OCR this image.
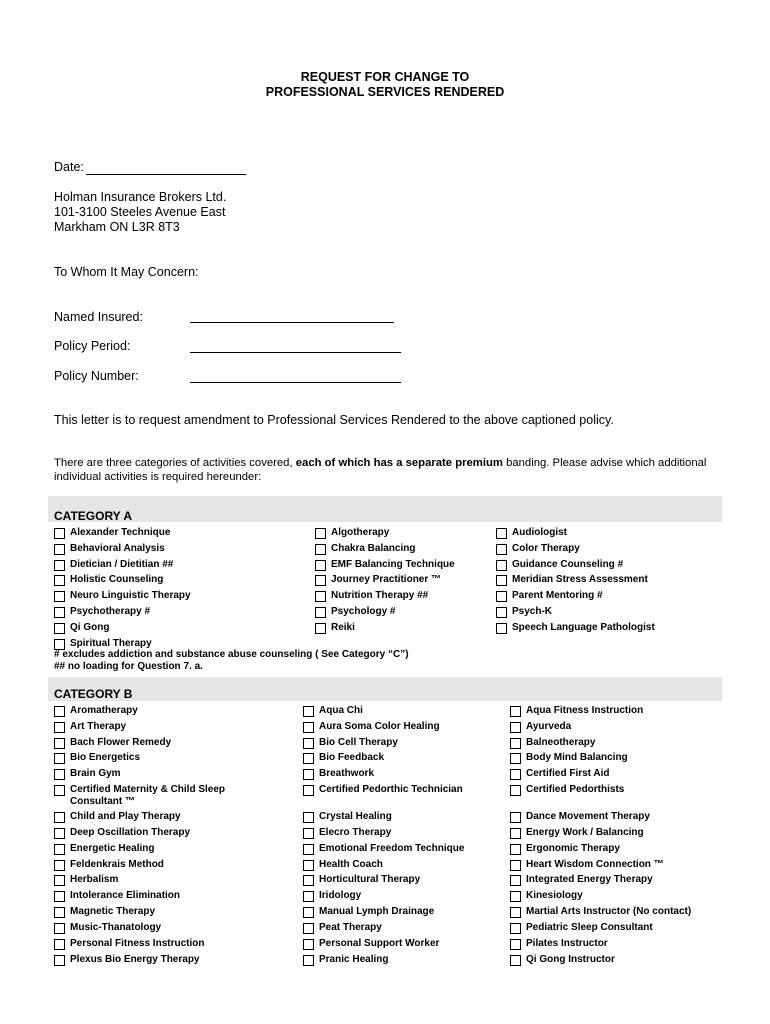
REQUEST FOR CHANGE TO
PROFESSIONAL SERVICES RENDERED
Date:
Holman Insurance Brokers Ltd.
101-3100 Steeles Avenue East
Markham ON L3R 8T3
To Whom It May Concern:
Named Insured:
Policy Period:
Policy Number:
This letter is to request amendment to Professional Services Rendered to the above captioned policy.
There are three categories of activities covered, each of which has a separate premium banding. Please advise which additional individual activities is required hereunder:
CATEGORY A
Alexander Technique
Behavioral Analysis
Dietician / Dietitian ##
Holistic Counseling
Neuro Linguistic Therapy
Psychotherapy #
Qi Gong
Spiritual Therapy
Algotherapy
Chakra Balancing
EMF Balancing Technique
Journey Practitioner ™
Nutrition Therapy ##
Psychology #
Reiki
Audiologist
Color Therapy
Guidance Counseling #
Meridian Stress Assessment
Parent Mentoring #
Psych-K
Speech Language Pathologist
# excludes addiction and substance abuse counseling ( See Category “C”)
## no loading for Question 7. a.
CATEGORY B
Aromatherapy
Art Therapy
Bach Flower Remedy
Bio Energetics
Brain Gym
Certified Maternity & Child Sleep Consultant ™
Child and Play Therapy
Deep Oscillation Therapy
Energetic Healing
Feldenkrais Method
Herbalism
Intolerance Elimination
Magnetic Therapy
Music-Thanatology
Personal Fitness Instruction
Plexus Bio Energy Therapy
Aqua Chi
Aura Soma Color Healing
Bio Cell Therapy
Bio Feedback
Breathwork
Certified Pedorthic Technician
Crystal Healing
Elecro Therapy
Emotional Freedom Technique
Health Coach
Horticultural Therapy
Iridology
Manual Lymph Drainage
Peat Therapy
Personal Support Worker
Pranic Healing
Aqua Fitness Instruction
Ayurveda
Balneotherapy
Body Mind Balancing
Certified First Aid
Certified Pedorthists
Dance Movement Therapy
Energy Work / Balancing
Ergonomic Therapy
Heart Wisdom Connection ™
Integrated Energy Therapy
Kinesiology
Martial Arts Instructor (No contact)
Pediatric Sleep Consultant
Pilates Instructor
Qi Gong Instructor
